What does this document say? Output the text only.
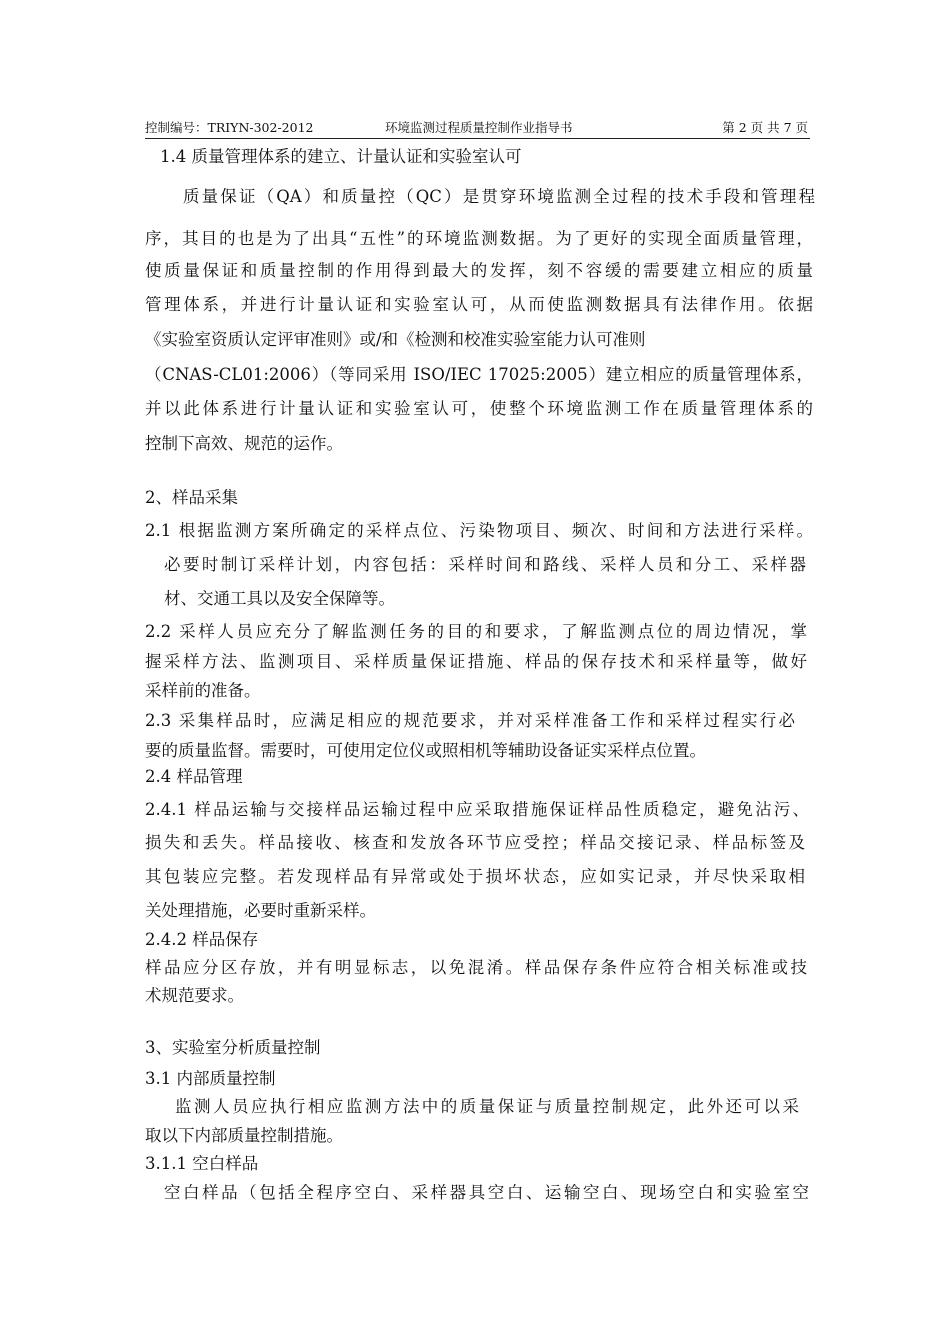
控制编号：TRIYN-302-2012	环境监测过程质量控制作业指导书	第 2 页 共 7 页
1.4 质量管理体系的建立、计量认证和实验室认可
质量保证（QA）和质量控（QC）是贯穿环境监测全过程的技术手段和管理程
序，其目的也是为了出具“五性”的环境监测数据。为了更好的实现全面质量管理，
使质量保证和质量控制的作用得到最大的发挥，刻不容缓的需要建立相应的质量
管理体系，并进行计量认证和实验室认可，从而使监测数据具有法律作用。依据
《实验室资质认定评审准则》或/和《检测和校准实验室能力认可准则
（CNAS-CL01:2006）（等同采用 ISO/IEC 17025:2005）建立相应的质量管理体系，
并以此体系进行计量认证和实验室认可，使整个环境监测工作在质量管理体系的
控制下高效、规范的运作。
2、样品采集
2.1 根据监测方案所确定的采样点位、污染物项目、频次、时间和方法进行采样。
必要时制订采样计划，内容包括：采样时间和路线、采样人员和分工、采样器
材、交通工具以及安全保障等。
2.2 采样人员应充分了解监测任务的目的和要求，了解监测点位的周边情况，掌
握采样方法、监测项目、采样质量保证措施、样品的保存技术和采样量等，做好
采样前的准备。
2.3 采集样品时，应满足相应的规范要求，并对采样准备工作和采样过程实行必
要的质量监督。需要时，可使用定位仪或照相机等辅助设备证实采样点位置。
2.4 样品管理
2.4.1 样品运输与交接样品运输过程中应采取措施保证样品性质稳定，避免沾污、
损失和丢失。样品接收、核查和发放各环节应受控；样品交接记录、样品标签及
其包装应完整。若发现样品有异常或处于损坏状态，应如实记录，并尽快采取相
关处理措施，必要时重新采样。
2.4.2 样品保存
样品应分区存放，并有明显标志，以免混淆。样品保存条件应符合相关标准或技
术规范要求。
3、实验室分析质量控制
3.1 内部质量控制
监测人员应执行相应监测方法中的质量保证与质量控制规定，此外还可以采
取以下内部质量控制措施。
3.1.1 空白样品
空白样品（包括全程序空白、采样器具空白、运输空白、现场空白和实验室空
